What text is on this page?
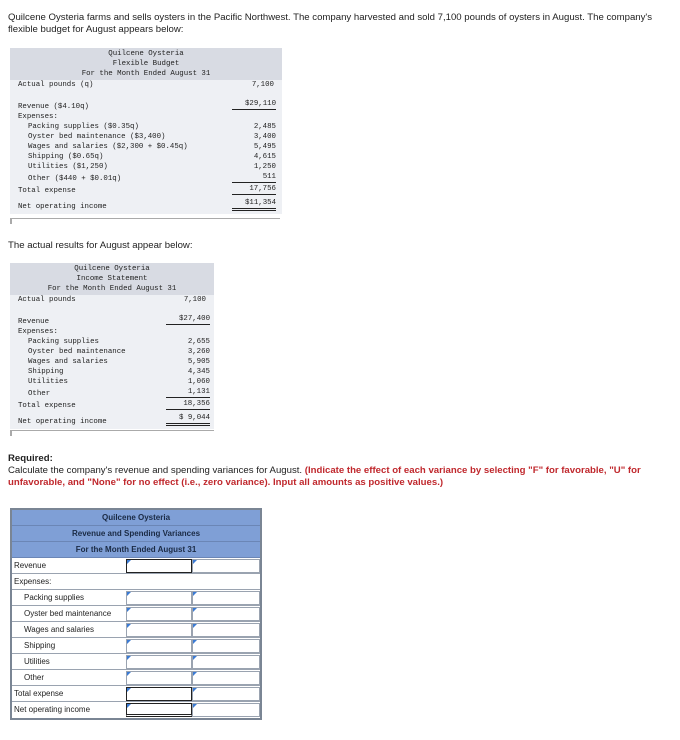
Quilcene Oysteria farms and sells oysters in the Pacific Northwest. The company harvested and sold 7,100 pounds of oysters in August. The company's flexible budget for August appears below:
Quilcene Oysteria
Flexible Budget
For the Month Ended August 31
Actual pounds (q)	7,100
Revenue ($4.10q)	$29,110
Expenses:
Packing supplies ($0.35q)	2,485
Oyster bed maintenance ($3,400)	3,400
Wages and salaries ($2,300 + $0.45q)	5,495
Shipping ($0.65q)	4,615
Utilities ($1,250)	1,250
Other ($440 + $0.01q)	511
Total expense	17,756
Net operating income	$11,354
The actual results for August appear below:
Quilcene Oysteria
Income Statement
For the Month Ended August 31
Actual pounds	7,100
Revenue	$27,400
Expenses:
Packing supplies	2,655
Oyster bed maintenance	3,260
Wages and salaries	5,905
Shipping	4,345
Utilities	1,060
Other	1,131
Total expense	18,356
Net operating income	$ 9,044
Required:
Calculate the company's revenue and spending variances for August. (Indicate the effect of each variance by selecting "F" for favorable, "U" for unfavorable, and "None" for no effect (i.e., zero variance). Input all amounts as positive values.)
Quilcene Oysteria
Revenue and Spending Variances
For the Month Ended August 31
Revenue
Expenses:
Packing supplies
Oyster bed maintenance
Wages and salaries
Shipping
Utilities
Other
Total expense
Net operating income
